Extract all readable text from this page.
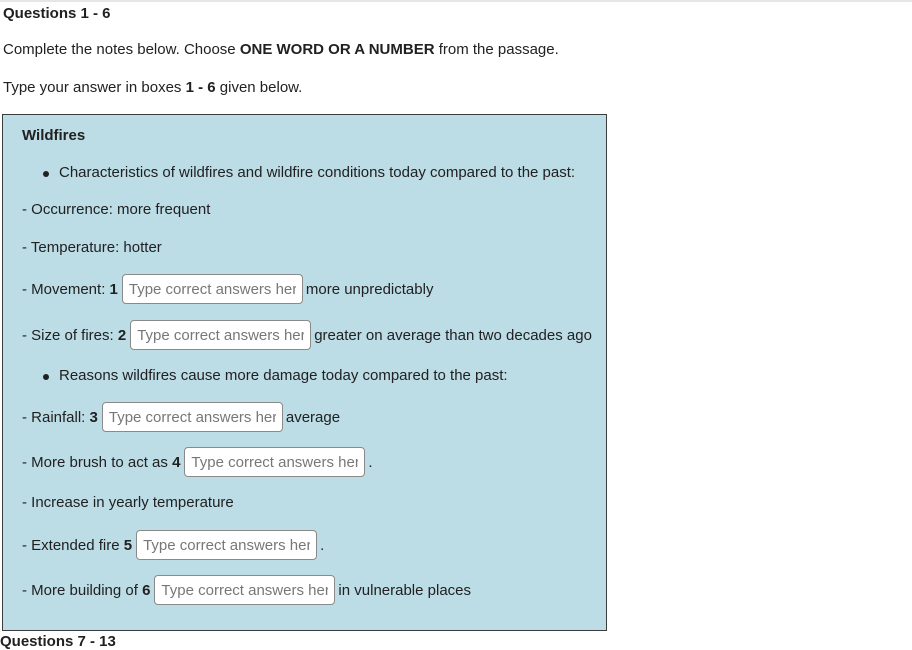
Questions 1 - 6
Complete the notes below. Choose ONE WORD OR A NUMBER from the passage.
Type your answer in boxes 1 - 6 given below.
Wildfires
Characteristics of wildfires and wildfire conditions today compared to the past:
- Occurrence: more frequent
- Temperature: hotter
- Movement:
1
Type correct answers here	more unpredictably
- Size of fires:
2
Type correct answers here	greater on average than two decades ago
Reasons wildfires cause more damage today compared to the past:
- Rainfall:
3
Type correct answers here	average
- More brush to act as
4
Type correct answers here	.
- Increase in yearly temperature
- Extended fire
5
Type correct answers here	.
- More building of
6
Type correct answers here	in vulnerable places
Questions 7 - 13
